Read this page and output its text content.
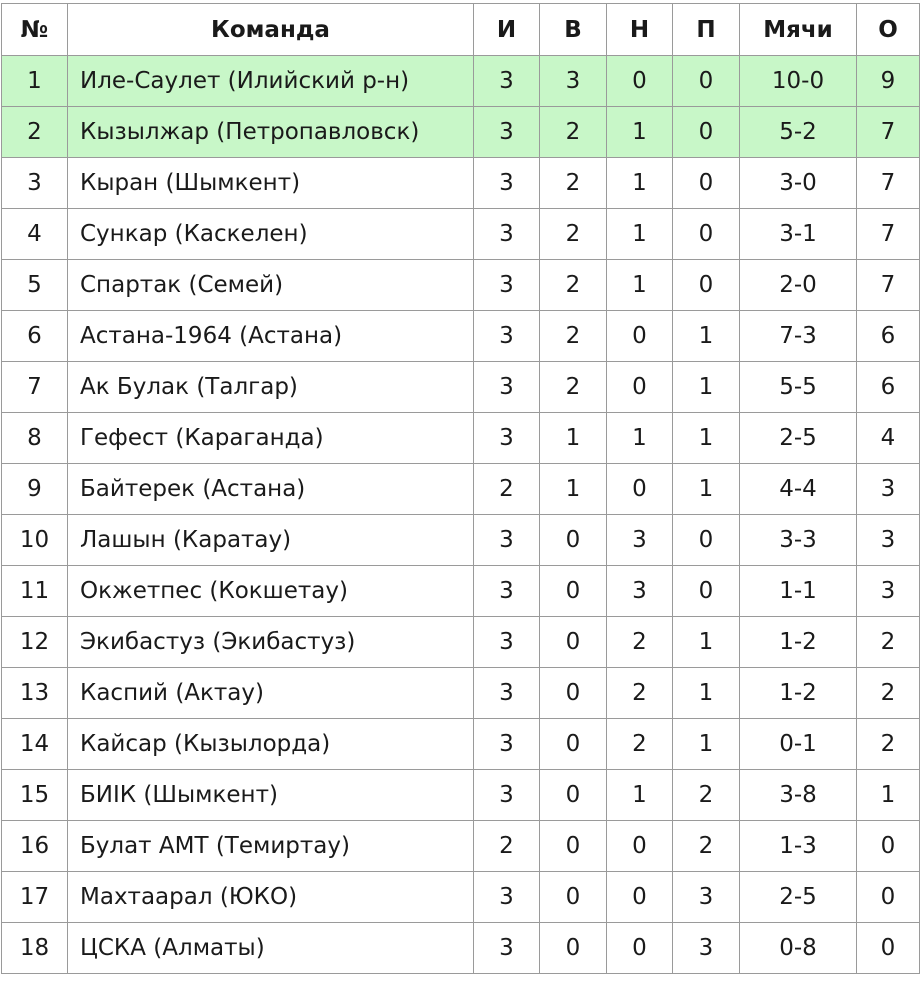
№	Команда	И	В	Н	П	Мячи	О
1	Иле-Саулет (Илийский р-н)	3	3	0	0	10-0	9
2	Кызылжар (Петропавловск)	3	2	1	0	5-2	7
3	Кыран (Шымкент)	3	2	1	0	3-0	7
4	Сункар (Каскелен)	3	2	1	0	3-1	7
5	Спартак (Семей)	3	2	1	0	2-0	7
6	Астана-1964 (Астана)	3	2	0	1	7-3	6
7	Ак Булак (Талгар)	3	2	0	1	5-5	6
8	Гефест (Караганда)	3	1	1	1	2-5	4
9	Байтерек (Астана)	2	1	0	1	4-4	3
10	Лашын (Каратау)	3	0	3	0	3-3	3
11	Окжетпес (Кокшетау)	3	0	3	0	1-1	3
12	Экибастуз (Экибастуз)	3	0	2	1	1-2	2
13	Каспий (Актау)	3	0	2	1	1-2	2
14	Кайсар (Кызылорда)	3	0	2	1	0-1	2
15	БИIК (Шымкент)	3	0	1	2	3-8	1
16	Булат АМТ (Темиртау)	2	0	0	2	1-3	0
17	Махтаарал (ЮКО)	3	0	0	3	2-5	0
18	ЦСКА (Алматы)	3	0	0	3	0-8	0
